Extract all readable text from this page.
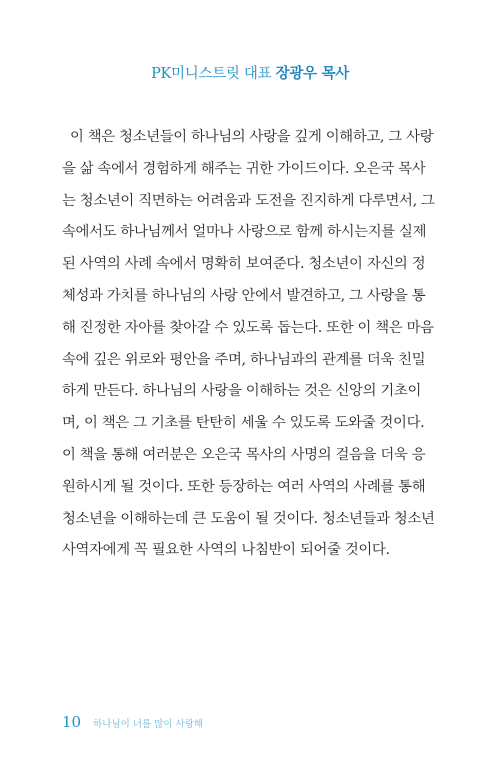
PK미니스트릿 대표 장광우 목사
이 책은 청소년들이 하나님의 사랑을 깊게 이해하고, 그 사랑
을 삶 속에서 경험하게 해주는 귀한 가이드이다. 오은국 목사
는 청소년이 직면하는 어려움과 도전을 진지하게 다루면서, 그
속에서도 하나님께서 얼마나 사랑으로 함께 하시는지를 실제
된 사역의 사례 속에서 명확히 보여준다. 청소년이 자신의 정
체성과 가치를 하나님의 사랑 안에서 발견하고, 그 사랑을 통
해 진정한 자아를 찾아갈 수 있도록 돕는다. 또한 이 책은 마음
속에 깊은 위로와 평안을 주며, 하나님과의 관계를 더욱 친밀
하게 만든다. 하나님의 사랑을 이해하는 것은 신앙의 기초이
며, 이 책은 그 기초를 탄탄히 세울 수 있도록 도와줄 것이다.
이 책을 통해 여러분은 오은국 목사의 사명의 걸음을 더욱 응
원하시게 될 것이다. 또한 등장하는 여러 사역의 사례를 통해
청소년을 이해하는데 큰 도움이 될 것이다. 청소년들과 청소년
사역자에게 꼭 필요한 사역의 나침반이 되어줄 것이다.
10 하나님이 너를 많이 사랑해
